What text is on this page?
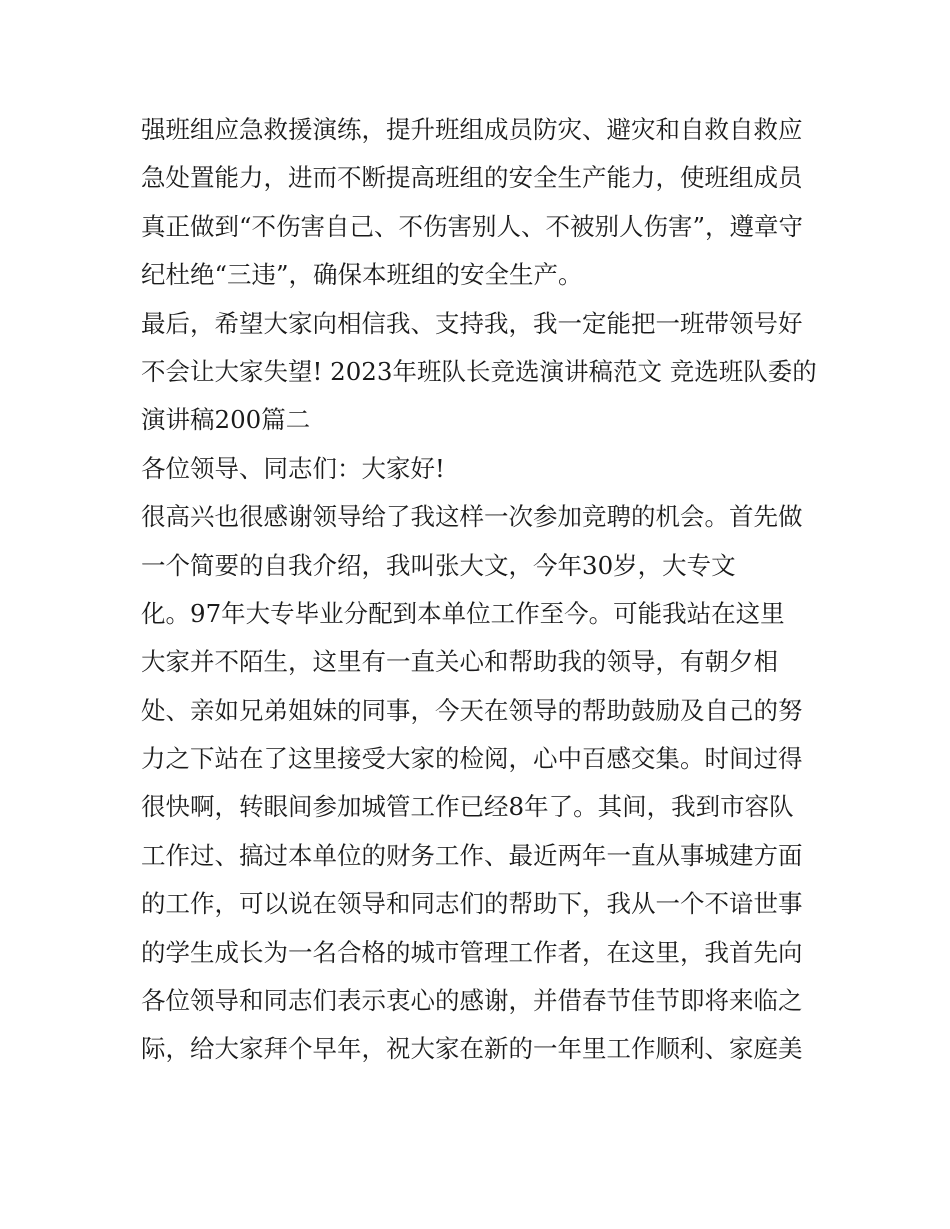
强班组应急救援演练，提升班组成员防灾、避灾和自救自救应
急处置能力，进而不断提高班组的安全生产能力，使班组成员
真正做到“不伤害自己、不伤害别人、不被别人伤害”，遵章守
纪杜绝“三违”，确保本班组的安全生产。
最后，希望大家向相信我、支持我，我一定能把一班带领号好
不会让大家失望! 2023年班队长竞选演讲稿范文 竞选班队委的
演讲稿200篇二
各位领导、同志们：大家好!
很高兴也很感谢领导给了我这样一次参加竞聘的机会。首先做
一个简要的自我介绍，我叫张大文，今年30岁，大专文
化。97年大专毕业分配到本单位工作至今。可能我站在这里
大家并不陌生，这里有一直关心和帮助我的领导，有朝夕相
处、亲如兄弟姐妹的同事，今天在领导的帮助鼓励及自己的努
力之下站在了这里接受大家的检阅，心中百感交集。时间过得
很快啊，转眼间参加城管工作已经8年了。其间，我到市容队
工作过、搞过本单位的财务工作、最近两年一直从事城建方面
的工作，可以说在领导和同志们的帮助下，我从一个不谙世事
的学生成长为一名合格的城市管理工作者，在这里，我首先向
各位领导和同志们表示衷心的感谢，并借春节佳节即将来临之
际，给大家拜个早年，祝大家在新的一年里工作顺利、家庭美
